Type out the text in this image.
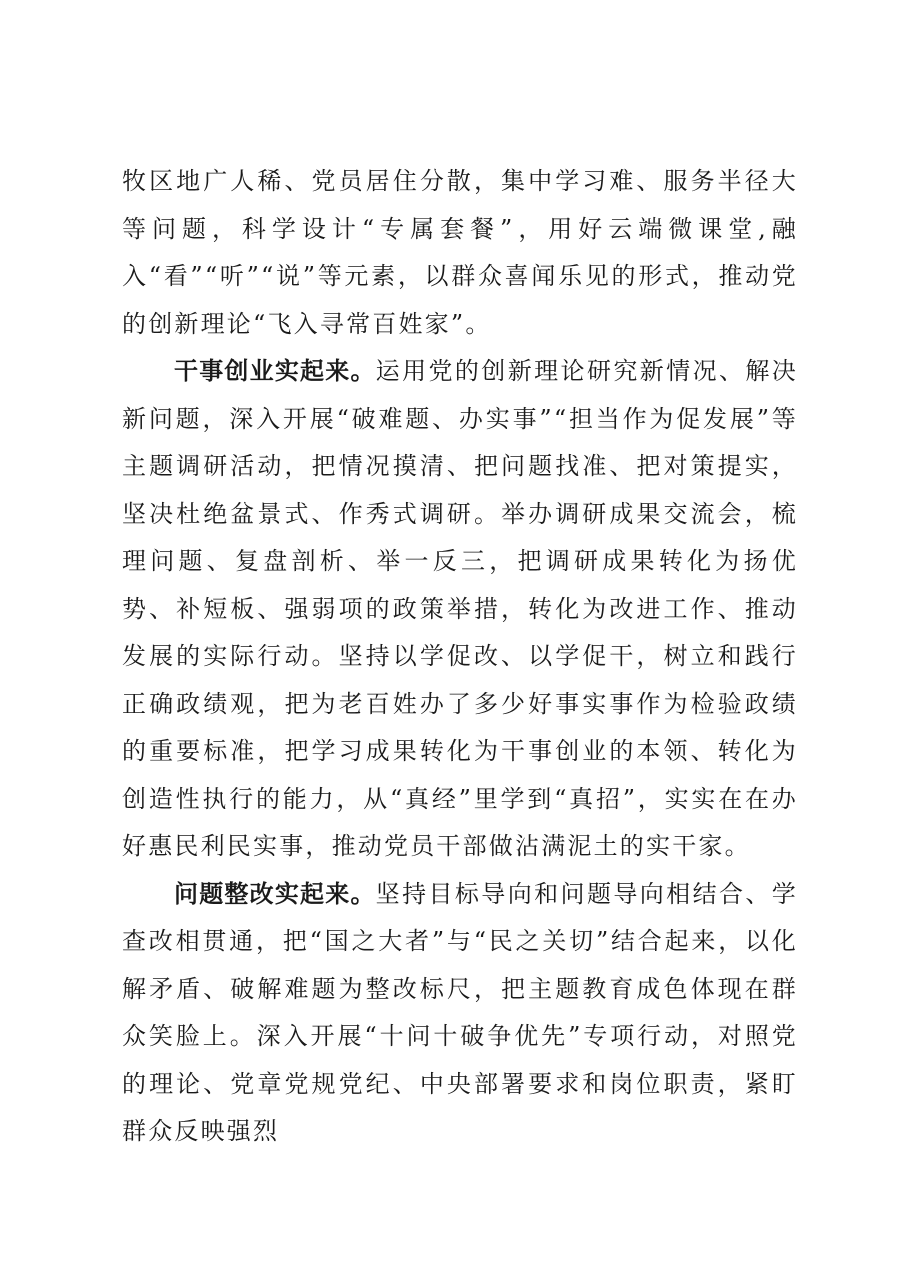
牧区地广人稀、党员居住分散，集中学习难、服务半径大等问题，科学设计“专属套餐”，用好云端微课堂,融入“看”“听”“说”等元素，以群众喜闻乐见的形式，推动党的创新理论“飞入寻常百姓家”。

干事创业实起来。运用党的创新理论研究新情况、解决新问题，深入开展“破难题、办实事”“担当作为促发展”等主题调研活动，把情况摸清、把问题找准、把对策提实，坚决杜绝盆景式、作秀式调研。举办调研成果交流会，梳理问题、复盘剖析、举一反三，把调研成果转化为扬优势、补短板、强弱项的政策举措，转化为改进工作、推动发展的实际行动。坚持以学促改、以学促干，树立和践行正确政绩观，把为老百姓办了多少好事实事作为检验政绩的重要标准，把学习成果转化为干事创业的本领、转化为创造性执行的能力，从“真经”里学到“真招”，实实在在办好惠民利民实事，推动党员干部做沾满泥土的实干家。

问题整改实起来。坚持目标导向和问题导向相结合、学查改相贯通，把“国之大者”与“民之关切”结合起来，以化解矛盾、破解难题为整改标尺，把主题教育成色体现在群众笑脸上。深入开展“十问十破争优先”专项行动，对照党的理论、党章党规党纪、中央部署要求和岗位职责，紧盯群众反映强烈
